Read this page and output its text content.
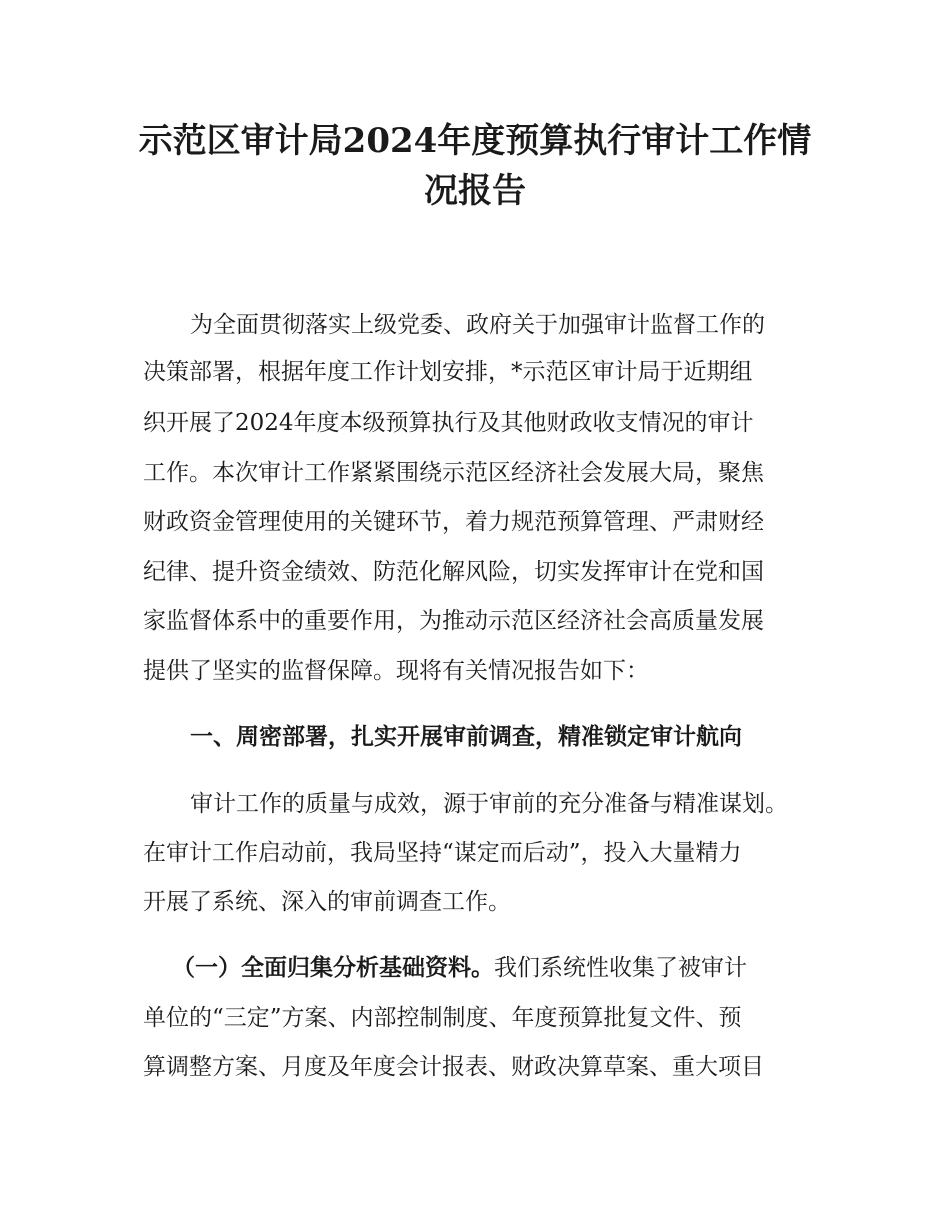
示范区审计局2024年度预算执行审计工作情
况报告
为全面贯彻落实上级党委、政府关于加强审计监督工作的
决策部署，根据年度工作计划安排，*示范区审计局于近期组
织开展了2024年度本级预算执行及其他财政收支情况的审计
工作。本次审计工作紧紧围绕示范区经济社会发展大局，聚焦
财政资金管理使用的关键环节，着力规范预算管理、严肃财经
纪律、提升资金绩效、防范化解风险，切实发挥审计在党和国
家监督体系中的重要作用，为推动示范区经济社会高质量发展
提供了坚实的监督保障。现将有关情况报告如下：
一、周密部署，扎实开展审前调查，精准锁定审计航向
审计工作的质量与成效，源于审前的充分准备与精准谋划。
在审计工作启动前，我局坚持“谋定而后动”，投入大量精力
开展了系统、深入的审前调查工作。
（一）全面归集分析基础资料。我们系统性收集了被审计
单位的“三定”方案、内部控制制度、年度预算批复文件、预
算调整方案、月度及年度会计报表、财政决算草案、重大项目
